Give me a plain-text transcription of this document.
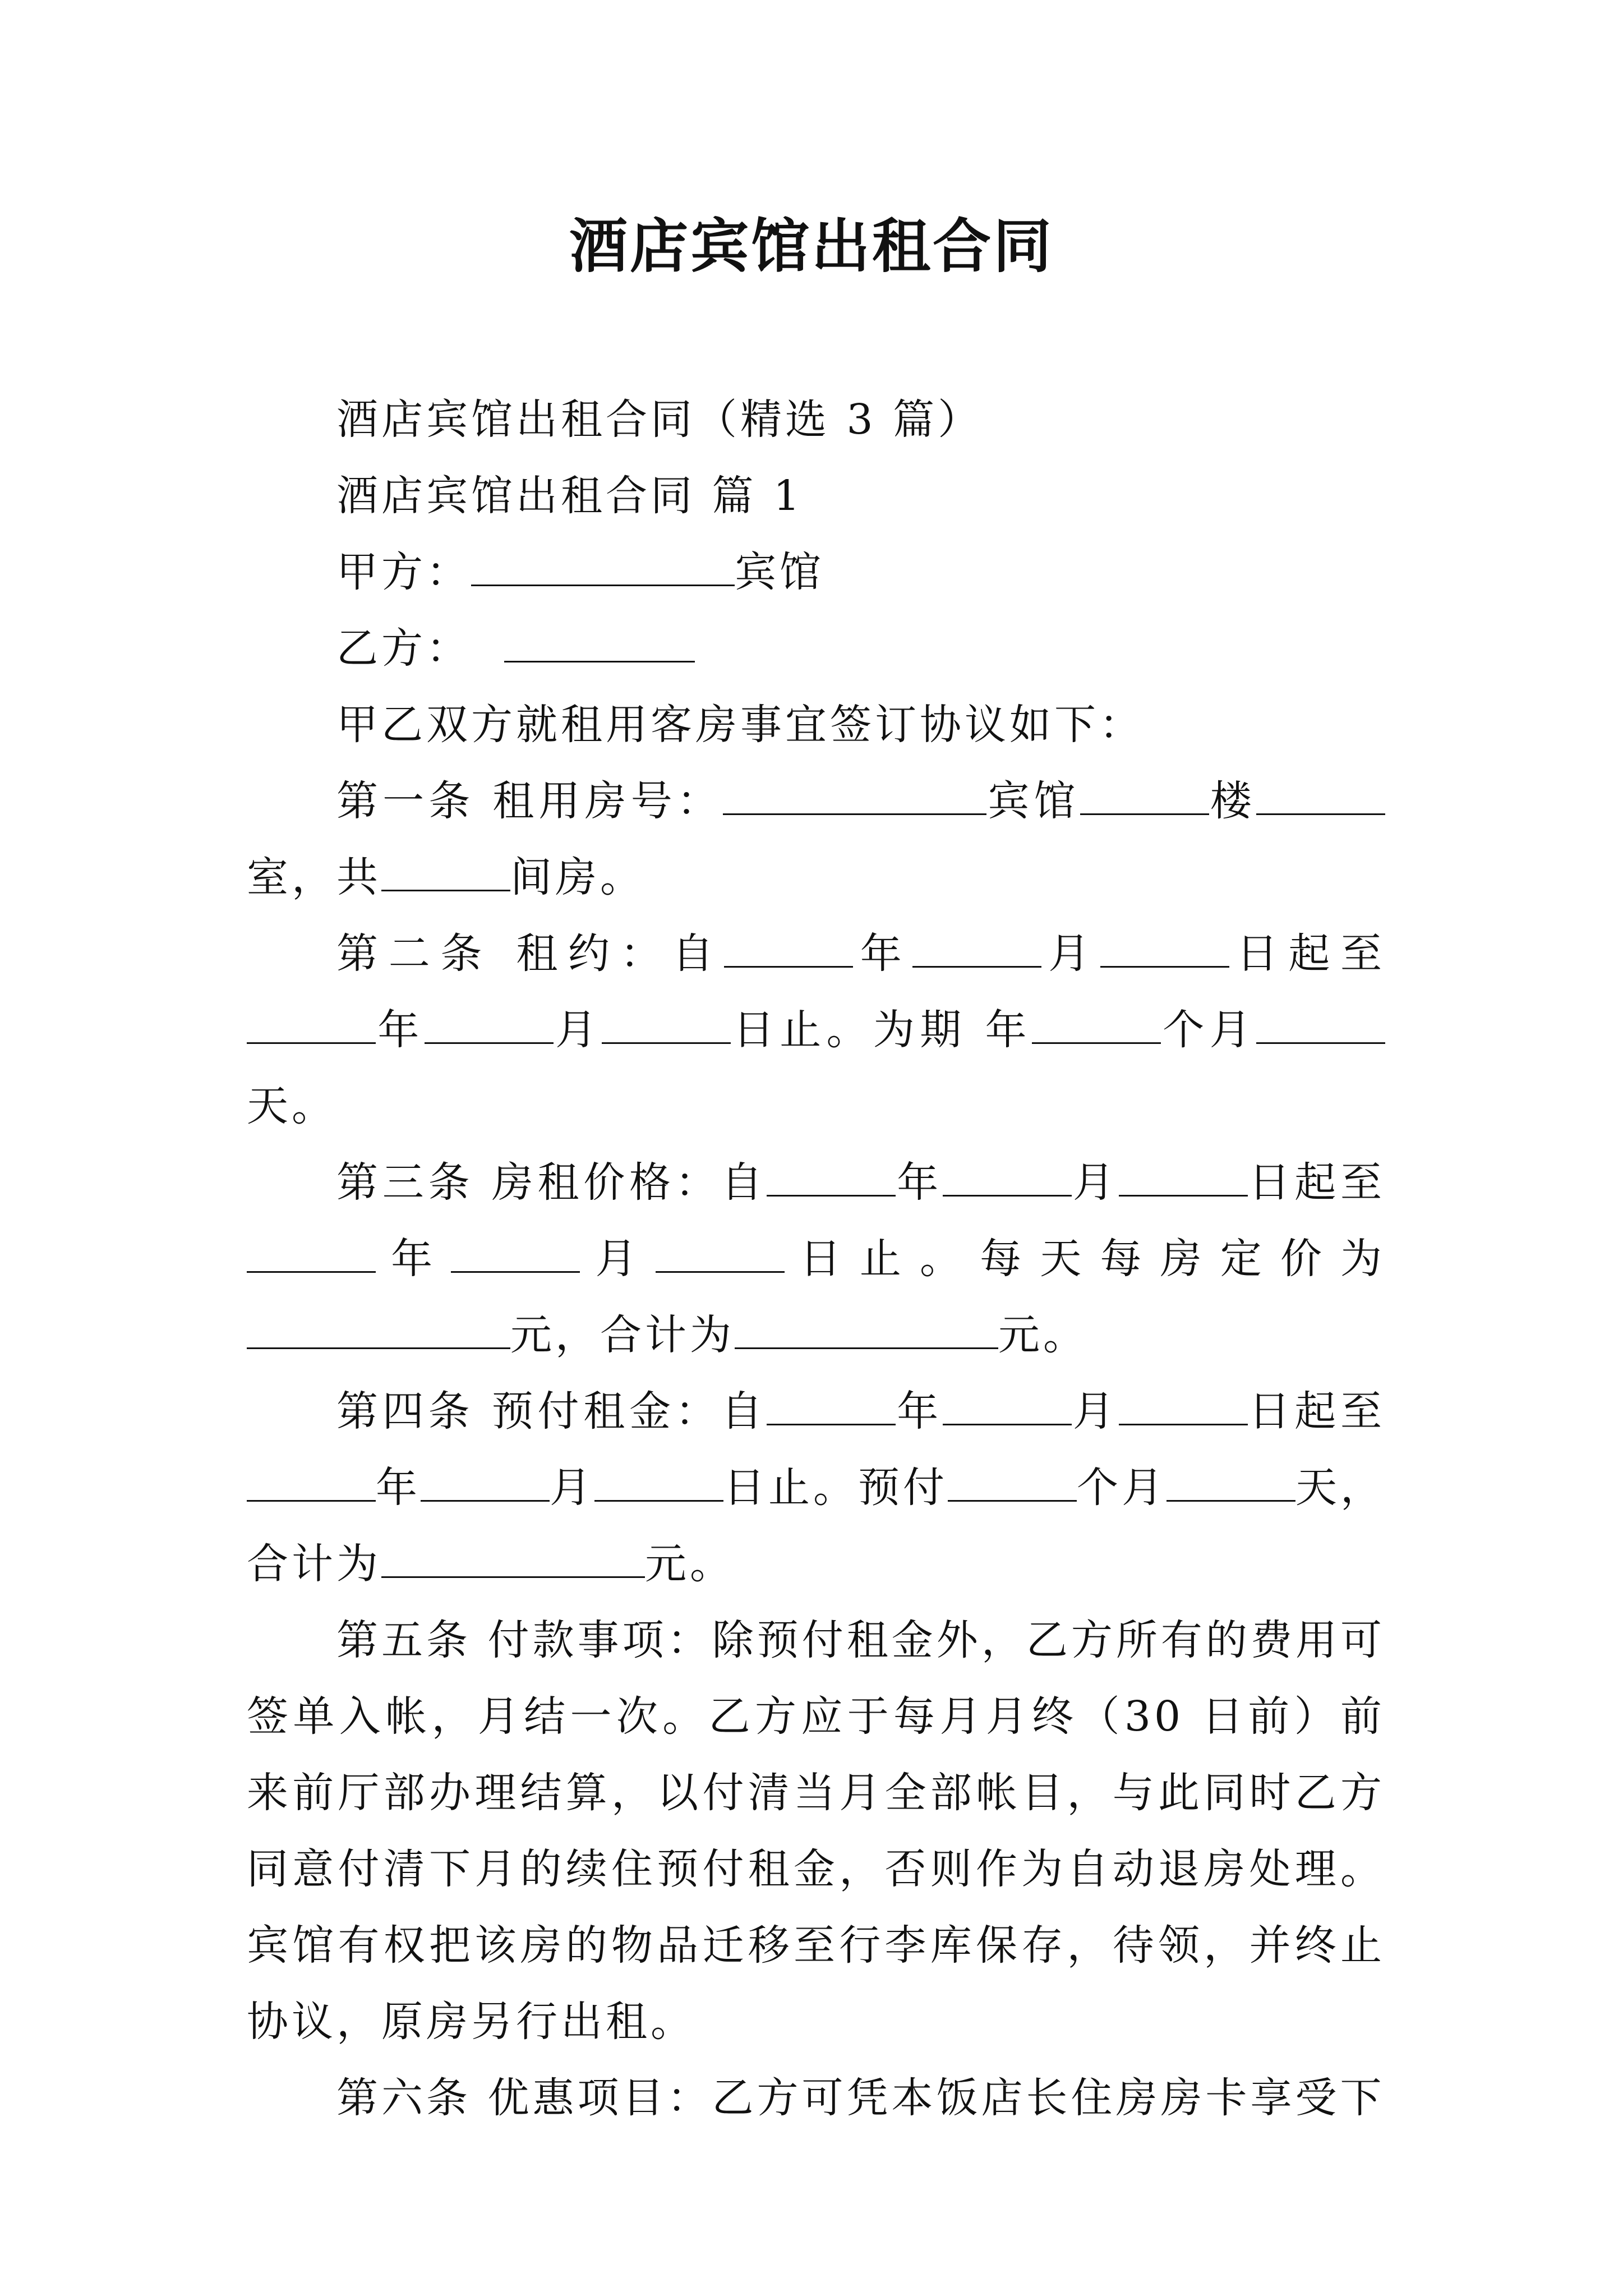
酒店宾馆出租合同

酒店宾馆出租合同（精选 3 篇）

酒店宾馆出租合同 篇 1

甲方：	宾馆

乙方：

甲乙双方就租用客房事宜签订协议如下：

第一条 租用房号：	宾馆	楼室，共	间房。

第二条 租约：自	年	月	日起至年	月	日止。为期 年	个月天。

第三条 房租价格：自	年	月	日起至年	月	日止。每天每房定价为元，合计为	元。

第四条 预付租金：自	年	月	日起至年	月	日止。预付	个月	天，合计为	元。

第五条 付款事项：除预付租金外，乙方所有的费用可签单入帐，月结一次。乙方应于每月月终（30 日前）前来前厅部办理结算，以付清当月全部帐目，与此同时乙方同意付清下月的续住预付租金，否则作为自动退房处理。宾馆有权把该房的物品迁移至行李库保存，待领，并终止协议，原房另行出租。

第六条 优惠项目：乙方可凭本饭店长住房房卡享受下
